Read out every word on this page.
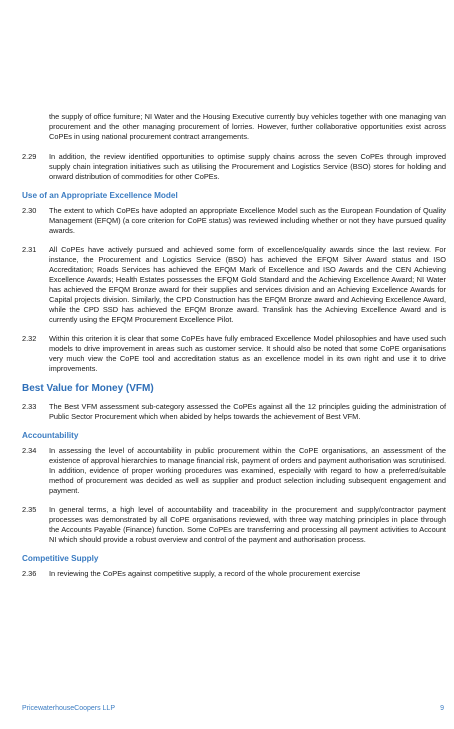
the supply of office furniture; NI Water and the Housing Executive currently buy vehicles together with one managing van procurement and the other managing procurement of lorries. However, further collaborative opportunities exist across CoPEs in using national procurement contract arrangements.
2.29	In addition, the review identified opportunities to optimise supply chains across the seven CoPEs through improved supply chain integration initiatives such as utilising the Procurement and Logistics Service (BSO) stores for holding and onward distribution of commodities for other CoPEs.
Use of an Appropriate Excellence Model
2.30	The extent to which CoPEs have adopted an appropriate Excellence Model such as the European Foundation of Quality Management (EFQM) (a core criterion for CoPE status) was reviewed including whether or not they have pursued quality awards.
2.31	All CoPEs have actively pursued and achieved some form of excellence/quality awards since the last review. For instance, the Procurement and Logistics Service (BSO) has achieved the EFQM Silver Award status and ISO Accreditation; Roads Services has achieved the EFQM Mark of Excellence and ISO Awards and the CEN Achieving Excellence Awards; Health Estates possesses the EFQM Gold Standard and the Achieving Excellence Award; NI Water has achieved the EFQM Bronze award for their supplies and services division and an Achieving Excellence Awards for Capital projects division. Similarly, the CPD Construction has the EFQM Bronze award and Achieving Excellence Award, while the CPD SSD has achieved the EFQM Bronze award. Translink has the Achieving Excellence Award and is currently using the EFQM Procurement Excellence Pilot.
2.32	Within this criterion it is clear that some CoPEs have fully embraced Excellence Model philosophies and have used such models to drive improvement in areas such as customer service. It should also be noted that some CoPE organisations very much view the CoPE tool and accreditation status as an excellence model in its own right and use it to drive improvements.
Best Value for Money (VFM)
2.33	The Best VFM assessment sub-category assessed the CoPEs against all the 12 principles guiding the administration of Public Sector Procurement which when abided by helps towards the achievement of Best VFM.
Accountability
2.34	In assessing the level of accountability in public procurement within the CoPE organisations, an assessment of the existence of approval hierarchies to manage financial risk, payment of orders and payment authorisation was scrutinised. In addition, evidence of proper working procedures was examined, especially with regard to how a preferred/suitable method of procurement was decided as well as supplier and product selection including subsequent engagement and payment.
2.35	In general terms, a high level of accountability and traceability in the procurement and supply/contractor payment processes was demonstrated by all CoPE organisations reviewed, with three way matching principles in place through the Accounts Payable (Finance) function. Some CoPEs are transferring and processing all payment activities to Account NI which should provide a robust overview and control of the payment and authorisation process.
Competitive Supply
2.36	In reviewing the CoPEs against competitive supply, a record of the whole procurement exercise
PricewaterhouseCoopers LLP	9
